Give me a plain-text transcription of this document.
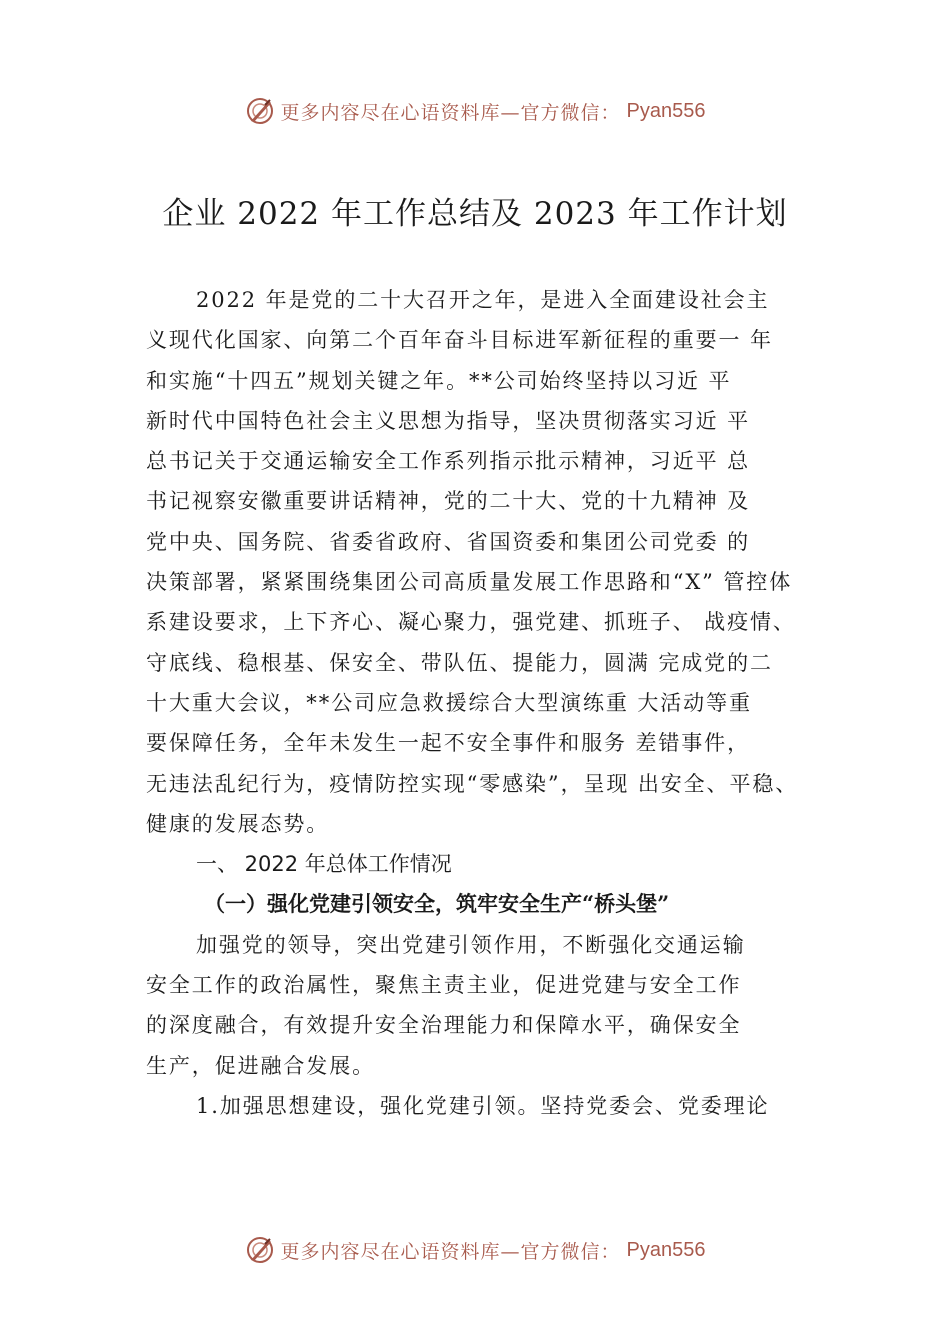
更多内容尽在心语资料库—官方微信： Pyan556
企业 2022 年工作总结及 2023 年工作计划
2022 年是党的二十大召开之年，是进入全面建设社会主
义现代化国家、向第二个百年奋斗目标进军新征程的重要一 年
和实施“十四五”规划关键之年。**公司始终坚持以习近 平
新时代中国特色社会主义思想为指导，坚决贯彻落实习近 平
总书记关于交通运输安全工作系列指示批示精神，习近平 总
书记视察安徽重要讲话精神，党的二十大、党的十九精神 及
党中央、国务院、省委省政府、省国资委和集团公司党委 的
决策部署，紧紧围绕集团公司高质量发展工作思路和“X” 管控体
系建设要求，上下齐心、凝心聚力，强党建、抓班子、 战疫情、
守底线、稳根基、保安全、带队伍、提能力，圆满 完成党的二
十大重大会议，**公司应急救援综合大型演练重 大活动等重
要保障任务，全年未发生一起不安全事件和服务 差错事件，
无违法乱纪行为，疫情防控实现“零感染”，呈现 出安全、平稳、
健康的发展态势。
一、 2022 年总体工作情况
（一）强化党建引领安全，筑牢安全生产“桥头堡”
加强党的领导，突出党建引领作用，不断强化交通运输
安全工作的政治属性，聚焦主责主业，促进党建与安全工作
的深度融合，有效提升安全治理能力和保障水平，确保安全
生产，促进融合发展。
1.加强思想建设，强化党建引领。坚持党委会、党委理论
更多内容尽在心语资料库—官方微信： Pyan556
